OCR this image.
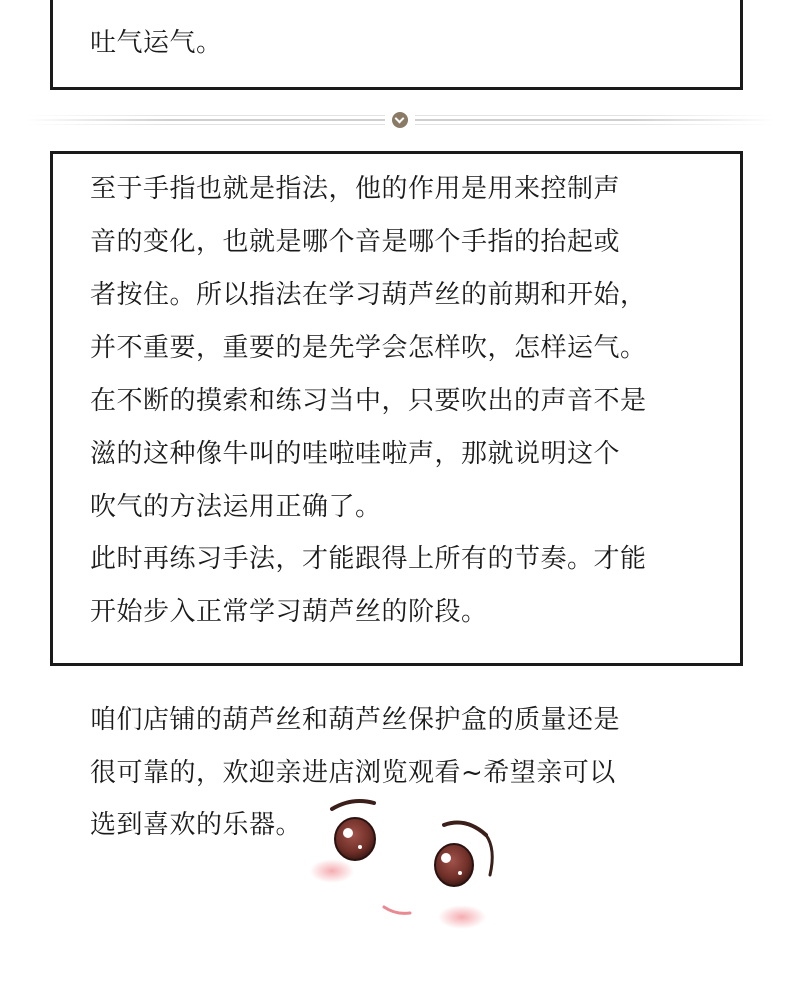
吐气运气。
至于手指也就是指法，他的作用是用来控制声
音的变化，也就是哪个音是哪个手指的抬起或
者按住。所以指法在学习葫芦丝的前期和开始，
并不重要，重要的是先学会怎样吹，怎样运气。
在不断的摸索和练习当中，只要吹出的声音不是
滋的这种像牛叫的哇啦哇啦声，那就说明这个
吹气的方法运用正确了。
此时再练习手法，才能跟得上所有的节奏。才能
开始步入正常学习葫芦丝的阶段。
咱们店铺的葫芦丝和葫芦丝保护盒的质量还是
很可靠的，欢迎亲进店浏览观看~希望亲可以
选到喜欢的乐器。
